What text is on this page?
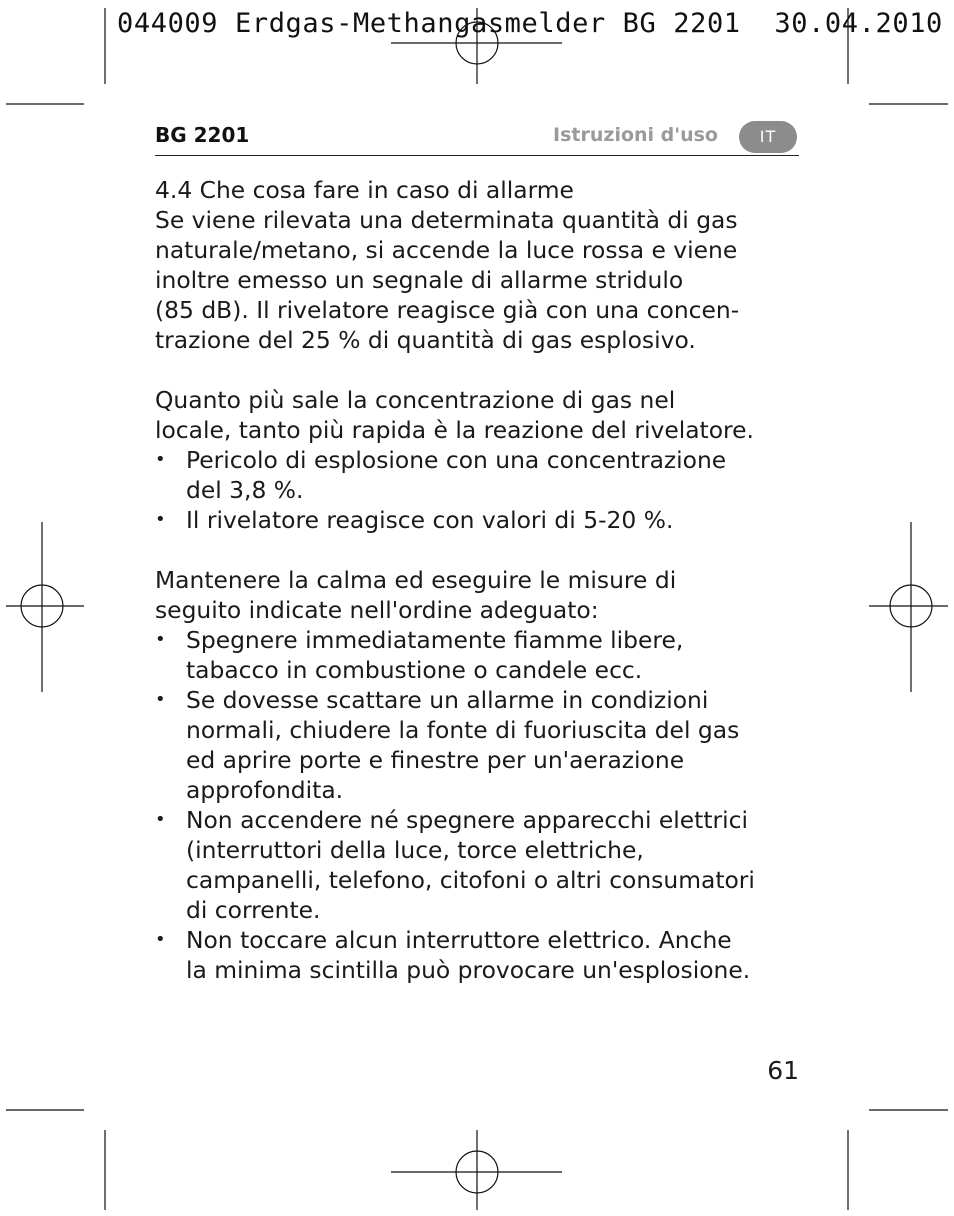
044009 Erdgas-Methangasmelder BG 2201  30.04.2010
BG 2201	Istruzioni d'uso	IT

4.4 Che cosa fare in caso di allarme

Se viene rilevata una determinata quantità di gas
naturale/metano, si accende la luce rossa e viene
inoltre emesso un segnale di allarme stridulo
(85 dB). Il rivelatore reagisce già con una concen-
trazione del 25 % di quantità di gas esplosivo.

Quanto più sale la concentrazione di gas nel
locale, tanto più rapida è la reazione del rivelatore.

• Pericolo di esplosione con una concentrazione
del 3,8 %.
• Il rivelatore reagisce con valori di 5-20 %.

Mantenere la calma ed eseguire le misure di
seguito indicate nell'ordine adeguato:

• Spegnere immediatamente fiamme libere,
tabacco in combustione o candele ecc.
• Se dovesse scattare un allarme in condizioni
normali, chiudere la fonte di fuoriuscita del gas
ed aprire porte e finestre per un'aerazione
approfondita.
• Non accendere né spegnere apparecchi elettrici
(interruttori della luce, torce elettriche,
campanelli, telefono, citofoni o altri consumatori
di corrente.
• Non toccare alcun interruttore elettrico. Anche
la minima scintilla può provocare un'esplosione.
61
